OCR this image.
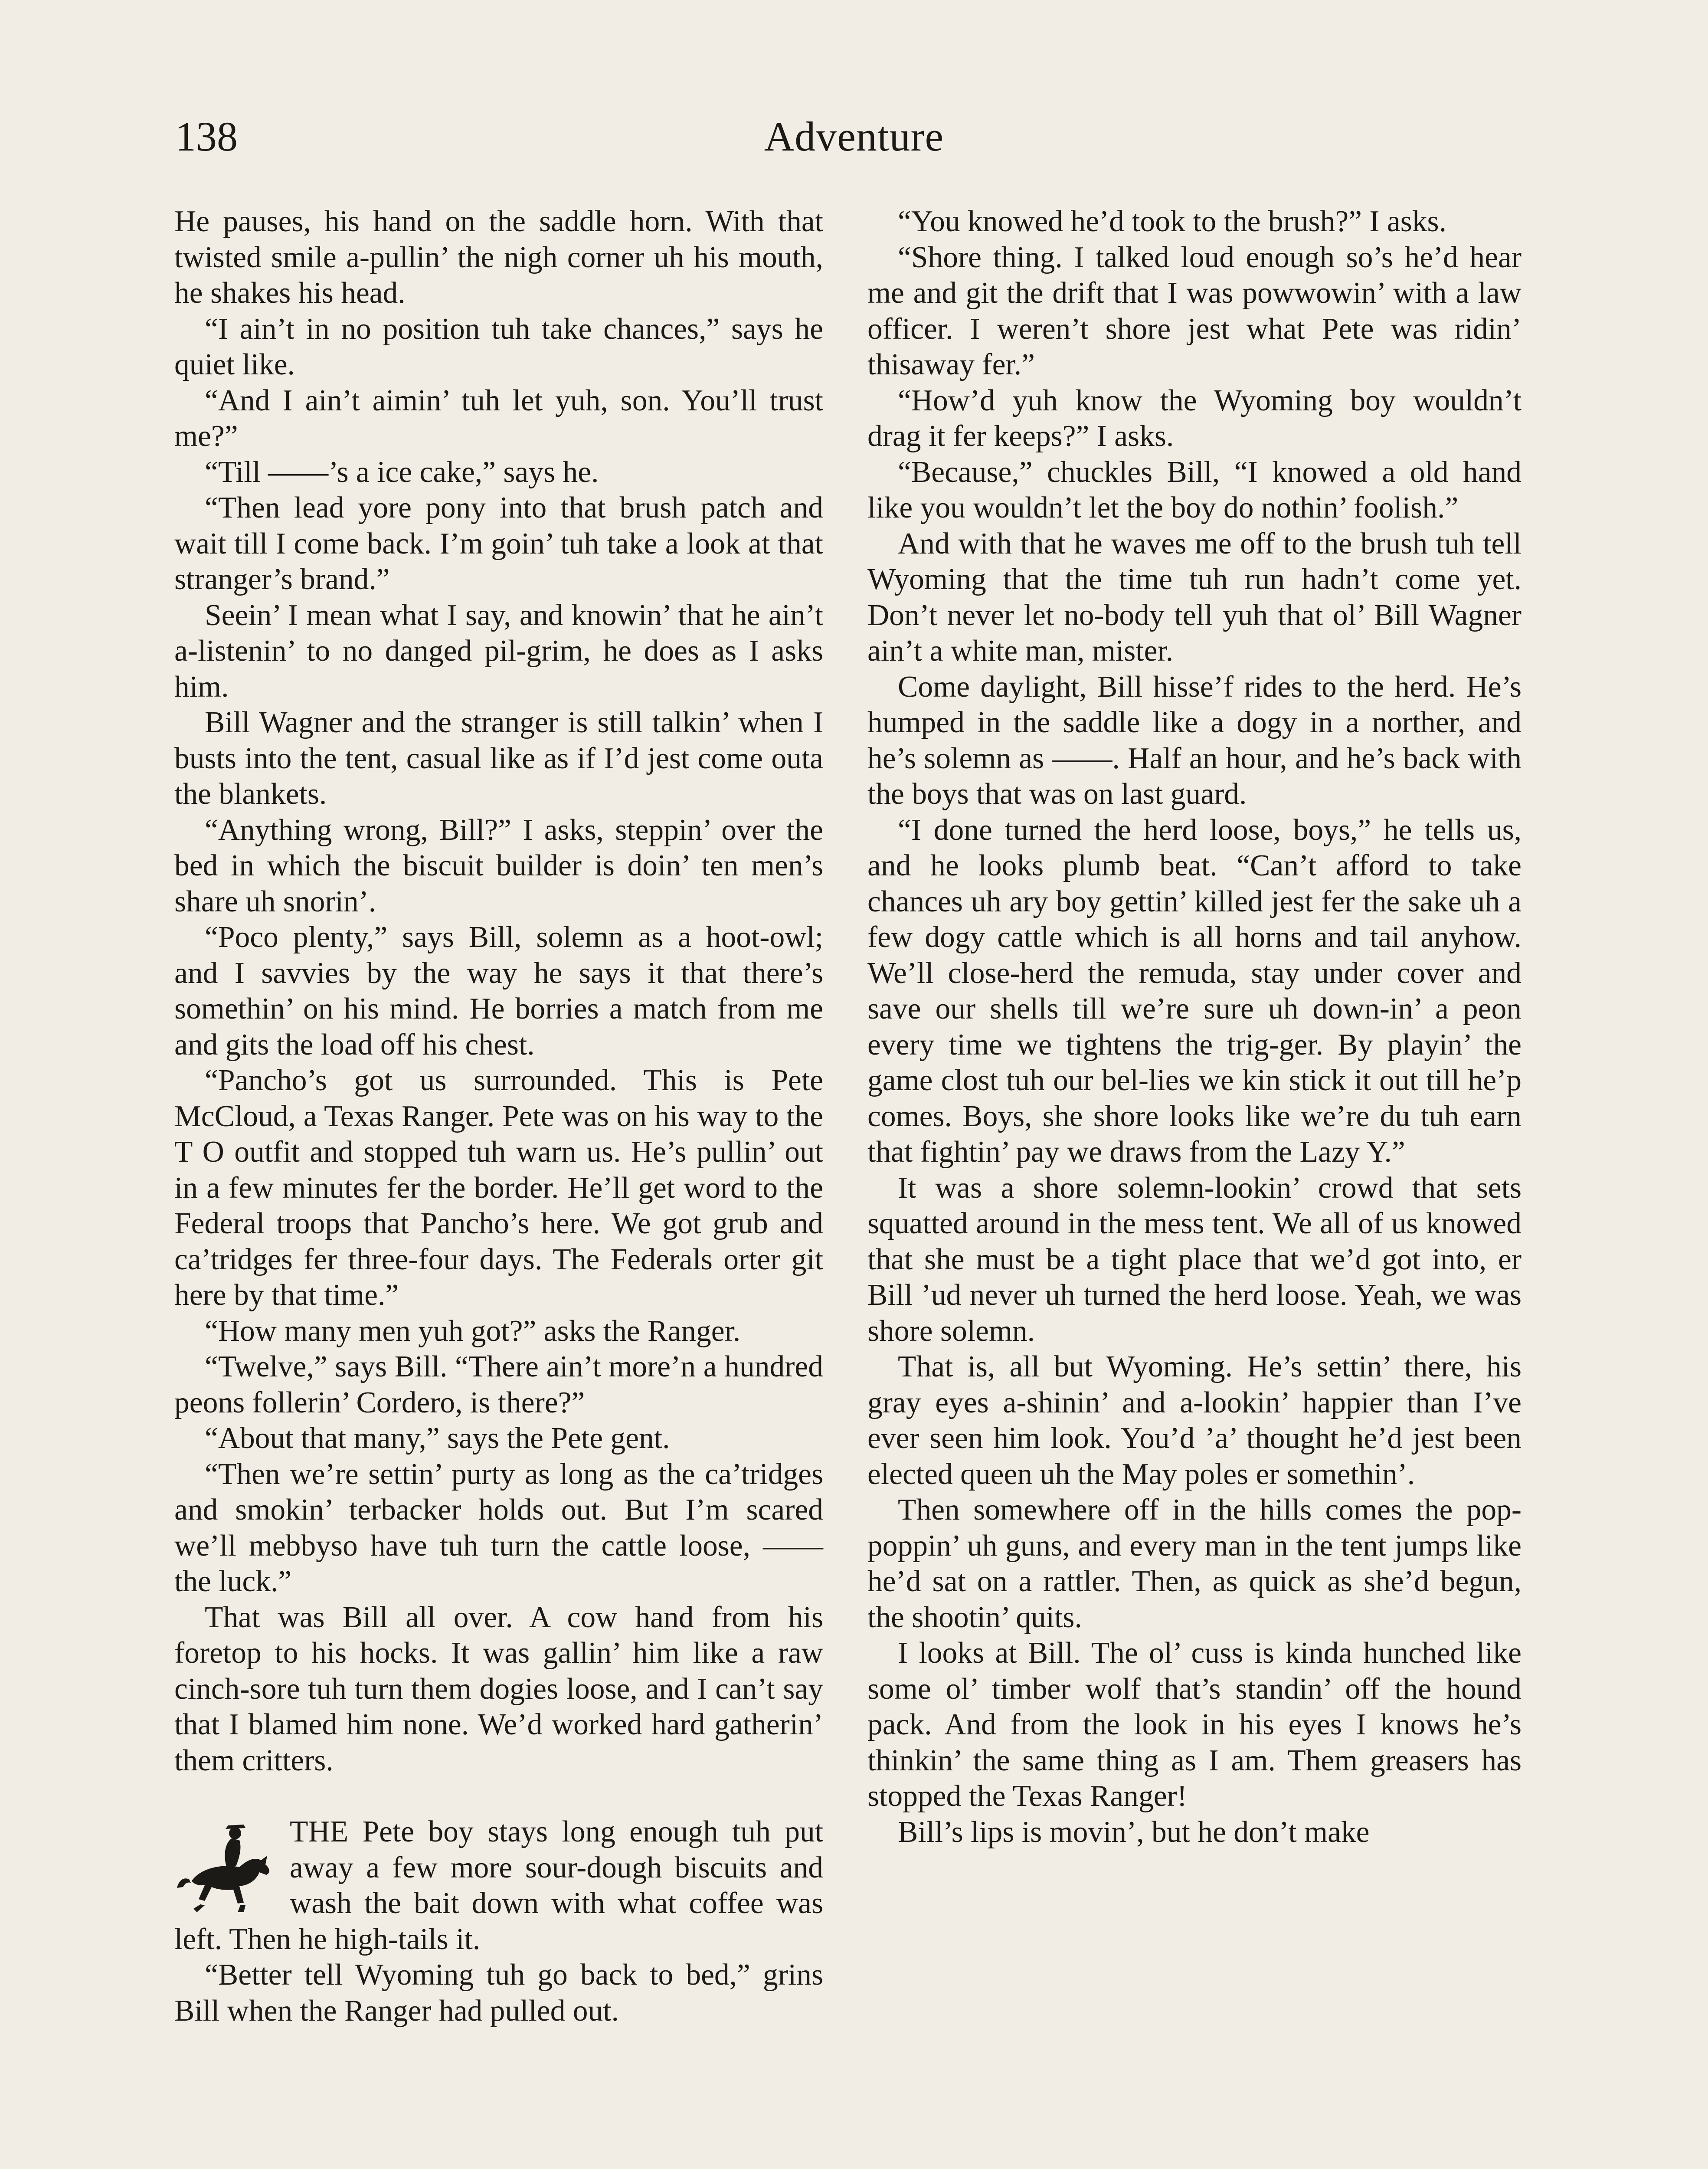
138	Adventure

He pauses, his hand on the saddle horn. With that twisted smile a-pullin’ the nigh corner uh his mouth, he shakes his head.

“I ain’t in no position tuh take chances,” says he quiet like.

“And I ain’t aimin’ tuh let yuh, son. You’ll trust me?”

“Till ——’s a ice cake,” says he.

“Then lead yore pony into that brush patch and wait till I come back. I’m goin’ tuh take a look at that stranger’s brand.”

Seein’ I mean what I say, and knowin’ that he ain’t a-listenin’ to no danged pil-grim, he does as I asks him.

Bill Wagner and the stranger is still talkin’ when I busts into the tent, casual like as if I’d jest come outa the blankets.

“Anything wrong, Bill?” I asks, steppin’ over the bed in which the biscuit builder is doin’ ten men’s share uh snorin’.

“Poco plenty,” says Bill, solemn as a hoot-owl; and I savvies by the way he says it that there’s somethin’ on his mind. He borries a match from me and gits the load off his chest.

“Pancho’s got us surrounded. This is Pete McCloud, a Texas Ranger. Pete was on his way to the T O outfit and stopped tuh warn us. He’s pullin’ out in a few minutes fer the border. He’ll get word to the Federal troops that Pancho’s here. We got grub and ca’tridges fer three-four days. The Federals orter git here by that time.”

“How many men yuh got?” asks the Ranger.

“Twelve,” says Bill. “There ain’t more’n a hundred peons follerin’ Cordero, is there?”

“About that many,” says the Pete gent.

“Then we’re settin’ purty as long as the ca’tridges and smokin’ terbacker holds out. But I’m scared we’ll mebbyso have tuh turn the cattle loose, —— the luck.”

That was Bill all over. A cow hand from his foretop to his hocks. It was gallin’ him like a raw cinch-sore tuh turn them dogies loose, and I can’t say that I blamed him none. We’d worked hard gatherin’ them critters.

THE Pete boy stays long enough tuh put away a few more sour-dough biscuits and wash the bait down with what coffee was left. Then he high-tails it.

“Better tell Wyoming tuh go back to bed,” grins Bill when the Ranger had pulled out.

“You knowed he’d took to the brush?” I asks.

“Shore thing. I talked loud enough so’s he’d hear me and git the drift that I was powwowin’ with a law officer. I weren’t shore jest what Pete was ridin’ thisaway fer.”

“How’d yuh know the Wyoming boy wouldn’t drag it fer keeps?” I asks.

“Because,” chuckles Bill, “I knowed a old hand like you wouldn’t let the boy do nothin’ foolish.”

And with that he waves me off to the brush tuh tell Wyoming that the time tuh run hadn’t come yet. Don’t never let no-body tell yuh that ol’ Bill Wagner ain’t a white man, mister.

Come daylight, Bill hisse’f rides to the herd. He’s humped in the saddle like a dogy in a norther, and he’s solemn as ——. Half an hour, and he’s back with the boys that was on last guard.

“I done turned the herd loose, boys,” he tells us, and he looks plumb beat. “Can’t afford to take chances uh ary boy gettin’ killed jest fer the sake uh a few dogy cattle which is all horns and tail anyhow. We’ll close-herd the remuda, stay under cover and save our shells till we’re sure uh down-in’ a peon every time we tightens the trig-ger. By playin’ the game clost tuh our bel-lies we kin stick it out till he’p comes. Boys, she shore looks like we’re du tuh earn that fightin’ pay we draws from the Lazy Y.”

It was a shore solemn-lookin’ crowd that sets squatted around in the mess tent. We all of us knowed that she must be a tight place that we’d got into, er Bill ’ud never uh turned the herd loose. Yeah, we was shore solemn.

That is, all but Wyoming. He’s settin’ there, his gray eyes a-shinin’ and a-lookin’ happier than I’ve ever seen him look. You’d ’a’ thought he’d jest been elected queen uh the May poles er somethin’.

Then somewhere off in the hills comes the pop-poppin’ uh guns, and every man in the tent jumps like he’d sat on a rattler. Then, as quick as she’d begun, the shootin’ quits.

I looks at Bill. The ol’ cuss is kinda hunched like some ol’ timber wolf that’s standin’ off the hound pack. And from the look in his eyes I knows he’s thinkin’ the same thing as I am. Them greasers has stopped the Texas Ranger!

Bill’s lips is movin’, but he don’t make
